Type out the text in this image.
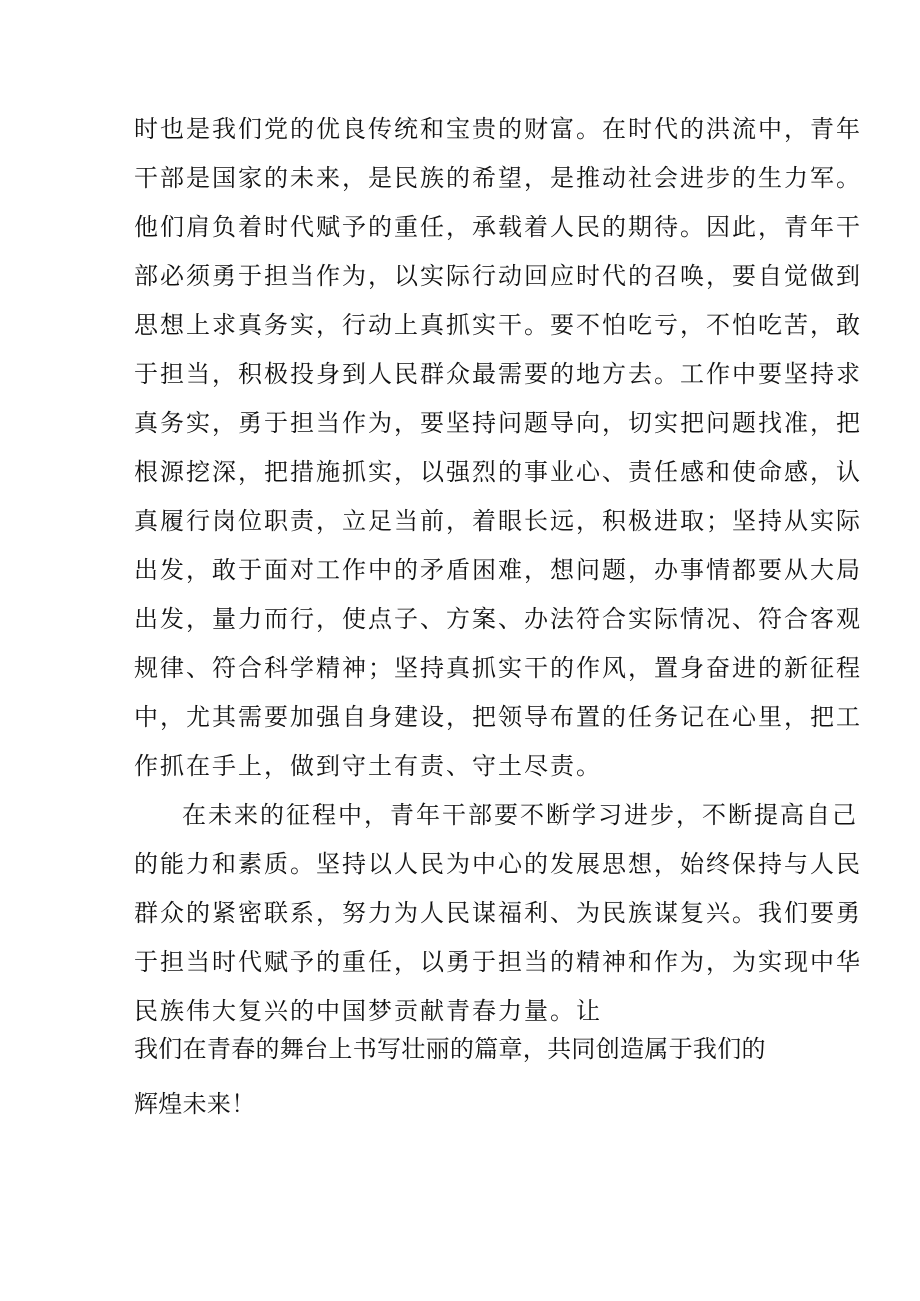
时也是我们党的优良传统和宝贵的财富。在时代的洪流中，青年
干部是国家的未来，是民族的希望，是推动社会进步的生力军。
他们肩负着时代赋予的重任，承载着人民的期待。因此，青年干
部必须勇于担当作为，以实际行动回应时代的召唤，要自觉做到
思想上求真务实，行动上真抓实干。要不怕吃亏，不怕吃苦，敢
于担当，积极投身到人民群众最需要的地方去。工作中要坚持求
真务实，勇于担当作为，要坚持问题导向，切实把问题找准，把
根源挖深，把措施抓实，以强烈的事业心、责任感和使命感，认
真履行岗位职责，立足当前，着眼长远，积极进取；坚持从实际
出发，敢于面对工作中的矛盾困难，想问题，办事情都要从大局
出发，量力而行，使点子、方案、办法符合实际情况、符合客观
规律、符合科学精神；坚持真抓实干的作风，置身奋进的新征程
中，尤其需要加强自身建设，把领导布置的任务记在心里，把工
作抓在手上，做到守土有责、守土尽责。
在未来的征程中，青年干部要不断学习进步，不断提高自己
的能力和素质。坚持以人民为中心的发展思想，始终保持与人民
群众的紧密联系，努力为人民谋福利、为民族谋复兴。我们要勇
于担当时代赋予的重任，以勇于担当的精神和作为，为实现中华
民族伟大复兴的中国梦贡献青春力量。让
我们在青春的舞台上书写壮丽的篇章，共同创造属于我们的
辉煌未来！
